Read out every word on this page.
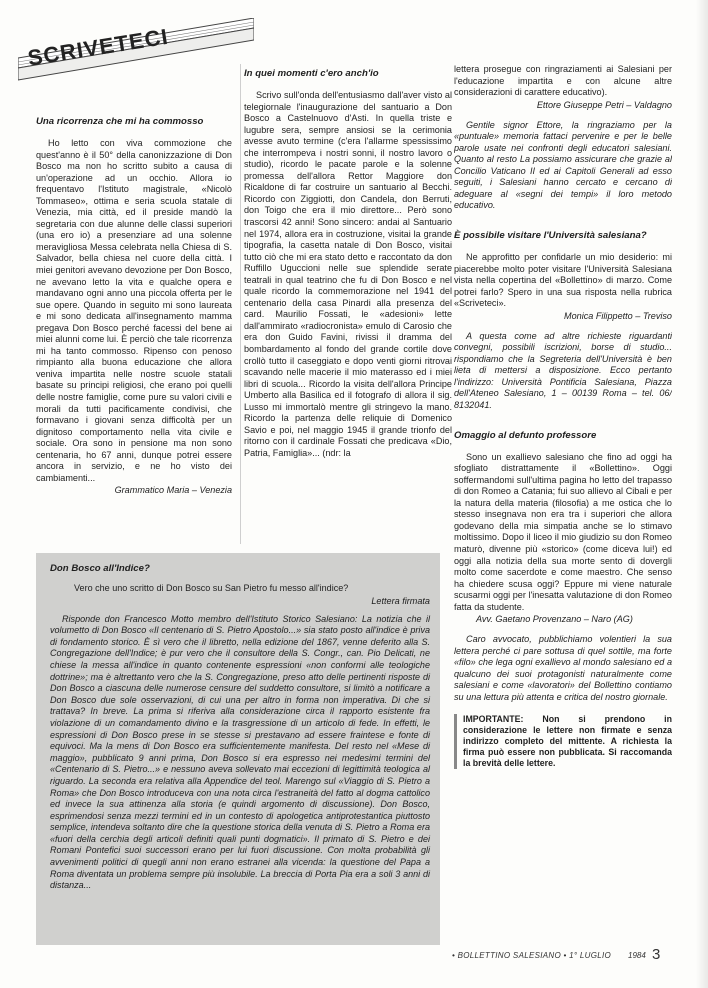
SCRIVETECI
Una ricorrenza che mi ha commosso

Ho letto con viva commozione che quest'anno è il 50° della canonizzazione di Don Bosco ma non ho scritto subito a causa di un'operazione ad un occhio. Allora io frequentavo l'Istituto magistrale, «Nicolò Tommaseo», ottima e seria scuola statale di Venezia, mia città, ed il preside mandò la segretaria con due alunne delle classi superiori (una ero io) a presenziare ad una solenne meravigliosa Messa celebrata nella Chiesa di S. Salvador, bella chiesa nel cuore della città. I miei genitori avevano devozione per Don Bosco, ne avevano letto la vita e qualche opera e mandavano ogni anno una piccola offerta per le sue opere. Quando in seguito mi sono laureata e mi sono dedicata all'insegnamento mamma pregava Don Bosco perché facessi del bene ai miei alunni come lui. È perciò che tale ricorrenza mi ha tanto commosso. Ripenso con penoso rimpianto alla buona educazione che allora veniva impartita nelle nostre scuole statali basate su principi religiosi, che erano poi quelli delle nostre famiglie, come pure su valori civili e morali da tutti pacificamente condivisi, che formavano i giovani senza difficoltà per un dignitoso comportamento nella vita civile e sociale. Ora sono in pensione ma non sono centenaria, ho 67 anni, dunque potrei essere ancora in servizio, e ne ho visto dei cambiamenti...

Grammatico Maria – Venezia
In quei momenti c'ero anch'io

Scrivo sull'onda dell'entusiasmo dall'aver visto al telegiornale l'inaugurazione del santuario a Don Bosco a Castelnuovo d'Asti. In quella triste e lugubre sera, sempre ansiosi se la cerimonia avesse avuto termine (c'era l'allarme spessissimo che interrompeva i nostri sonni, il nostro lavoro o studio), ricordo le pacate parole e la solenne promessa dell'allora Rettor Maggiore don Ricaldone di far costruire un santuario al Becchi. Ricordo con Ziggiotti, don Candela, don Berruti, don Toigo che era il mio direttore... Però sono trascorsi 42 anni! Sono sincero: andai al Santuario nel 1974, allora era in costruzione, visitai la grande tipografia, la casetta natale di Don Bosco, visitai tutto ciò che mi era stato detto e raccontato da don Ruffillo Uguccioni nelle sue splendide serate teatrali in qual teatrino che fu di Don Bosco e nel quale ricordo la commemorazione nel 1941 del centenario della casa Pinardi alla presenza del card. Maurilio Fossati, le «adesioni» lette dall'ammirato «radiocronista» emulo di Carosio che era don Guido Favini, rivissi il dramma del bombardamento al fondo del grande cortile dove crollò tutto il caseggiato e dopo venti giorni ritrovai scavando nelle macerie il mio materasso ed i miei libri di scuola... Ricordo la visita dell'allora Principe Umberto alla Basilica ed il fotografo di allora il sig. Lusso mi immortalò mentre gli stringevo la mano. Ricordo la partenza delle reliquie di Domenico Savio e poi, nel maggio 1945 il grande trionfo del ritorno con il cardinale Fossati che predicava «Dio, Patria, Famiglia»... (ndr: la

lettera prosegue con ringraziamenti ai Salesiani per l'educazione impartita e con alcune altre considerazioni di carattere educativo).

Ettore Giuseppe Petri – Valdagno

Gentile signor Ettore, la ringraziamo per la «puntuale» memoria fattaci pervenire e per le belle parole usate nei confronti degli educatori salesiani. Quanto al resto La possiamo assicurare che grazie al Concilio Vaticano II ed ai Capitoli Generali ad esso seguiti, i Salesiani hanno cercato e cercano di adeguare al «segni dei tempi» il loro metodo educativo.

È possibile visitare l'Università salesiana?

Ne approfitto per confidarle un mio desiderio: mi piacerebbe molto poter visitare l'Università Salesiana vista nella copertina del «Bollettino» di marzo. Come potrei farlo? Spero in una sua risposta nella rubrica «Scriveteci».

Monica Filippetto – Treviso

A questa come ad altre richieste riguardanti convegni, possibili iscrizioni, borse di studio... rispondiamo che la Segreteria dell'Università è ben lieta di mettersi a disposizione. Ecco pertanto l'indirizzo: Università Pontificia Salesiana, Piazza dell'Ateneo Salesiano, 1 – 00139 Roma – tel. 06/ 8132041.

Omaggio al defunto professore

Sono un exallievo salesiano che fino ad oggi ha sfogliato distrattamente il «Bollettino». Oggi soffermandomi sull'ultima pagina ho letto del trapasso di don Romeo a Catania; fui suo allievo al Cibali e per la natura della materia (filosofia) a me ostica che lo stesso insegnava non era tra i superiori che allora godevano della mia simpatia anche se lo stimavo moltissimo. Dopo il liceo il mio giudizio su don Romeo maturò, divenne più «storico» (come diceva lui!) ed oggi alla notizia della sua morte sento di dovergli molto come sacerdote e come maestro. Che senso ha chiedere scusa oggi? Eppure mi viene naturale scusarmi oggi per l'inesatta valutazione di don Romeo fatta da studente.

Avv. Gaetano Provenzano – Naro (AG)

Caro avvocato, pubblichiamo volentieri la sua lettera perché ci pare sottusa di quel sottile, ma forte «filo» che lega ogni exallievo al mondo salesiano ed a qualcuno dei suoi protagonisti naturalmente come salesiani e come «lavoratori» del Bollettino contiamo su una lettura più attenta e critica del nostro giornale.

IMPORTANTE: Non si prendono in considerazione le lettere non firmate e senza indirizzo completo del mittente. A richiesta la firma può essere non pubblicata. Si raccomanda la brevità delle lettere.

Don Bosco all'Indice?

Vero che uno scritto di Don Bosco su San Pietro fu messo all'indice?

Lettera firmata

Risponde don Francesco Motto membro dell'Istituto Storico Salesiano: La notizia che il volumetto di Don Bosco «Il centenario di S. Pietro Apostolo...» sia stato posto all'indice è priva di fondamento storico. È sì vero che il libretto, nella edizione del 1867, venne deferito alla S. Congregazione dell'Indice; è pur vero che il consultore della S. Congr., can. Pio Delicati, ne chiese la messa all'indice in quanto contenente espressioni «non conformi alle teologiche dottrine»; ma è altrettanto vero che la S. Congregazione, preso atto delle pertinenti risposte di Don Bosco a ciascuna delle numerose censure del suddetto consultore, si limitò a notificare a Don Bosco due sole osservazioni, di cui una per altro in forma non imperativa. Di che si trattava? In breve. La prima si riferiva alla considerazione circa il rapporto esistente fra violazione di un comandamento divino e la trasgressione di un articolo di fede. In effetti, le espressioni di Don Bosco prese in se stesse si prestavano ad essere fraintese e fonte di equivoci. Ma la mens di Don Bosco era sufficientemente manifesta. Del resto nel «Mese di maggio», pubblicato 9 anni prima, Don Bosco si era espresso nei medesimi termini del «Centenario di S. Pietro...» e nessuno aveva sollevato mai eccezioni di legittimità teologica al riguardo. La seconda era relativa alla Appendice del teol. Marengo sul «Viaggio di S. Pietro a Roma» che Don Bosco introduceva con una nota circa l'estraneità del fatto al dogma cattolico ed invece la sua attinenza alla storia (e quindi argomento di discussione). Don Bosco, esprimendosi senza mezzi termini ed in un contesto di apologetica antiprotestantica piuttosto semplice, intendeva soltanto dire che la questione storica della venuta di S. Pietro a Roma era «fuori della cerchia degli articoli definiti quali punti dogmatici». Il primato di S. Pietro e dei Romani Pontefici suoi successori erano per lui fuori discussione. Con molta probabilità gli avvenimenti politici di quegli anni non erano estranei alla vicenda: la questione del Papa a Roma diventata un problema sempre più insolubile. La breccia di Porta Pia era a soli 3 anni di distanza...

• BOLLETTINO SALESIANO • 1° LUGLIO 1984 3
